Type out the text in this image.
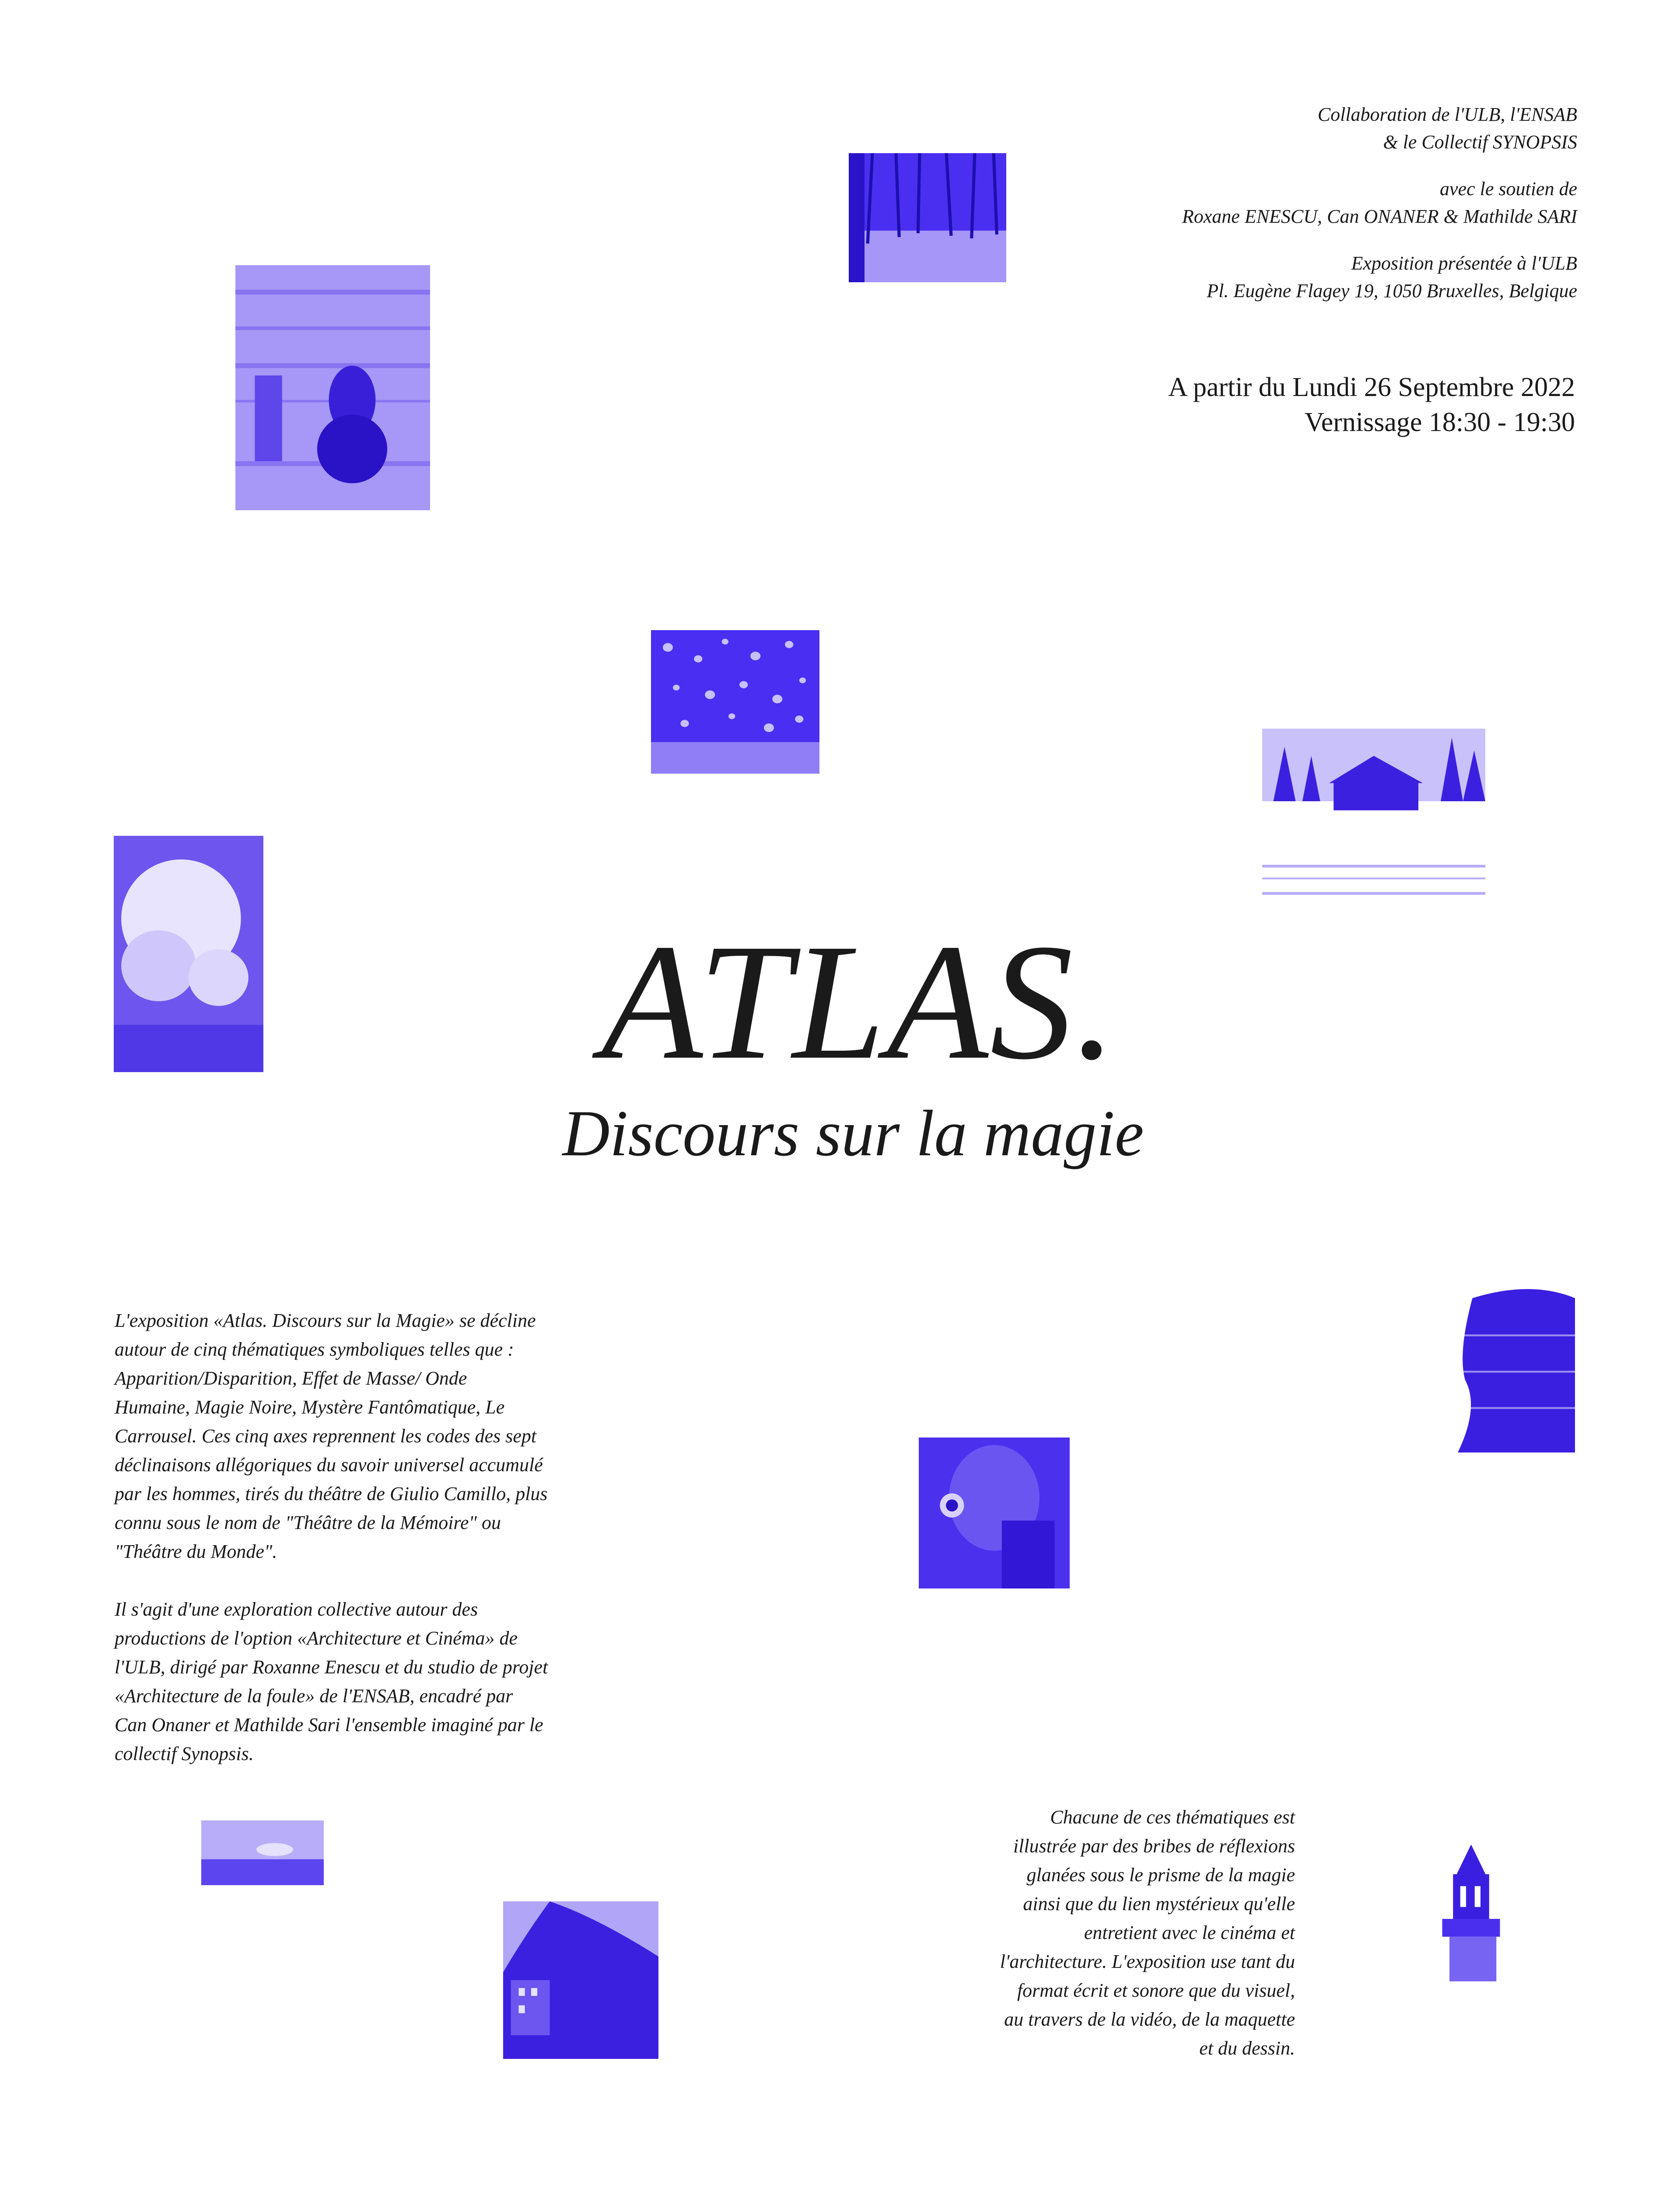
Collaboration de l'ULB, l'ENSAB
& le Collectif SYNOPSIS
avec le soutien de
Roxane ENESCU, Can ONANER & Mathilde SARI
Exposition présentée à l'ULB
Pl. Eugène Flagey 19, 1050 Bruxelles, Belgique
A partir du Lundi 26 Septembre 2022
Vernissage 18:30 - 19:30
ATLAS.
Discours sur la magie
L'exposition «Atlas. Discours sur la Magie» se décline
autour de cinq thématiques symboliques telles que :
Apparition/Disparition, Effet de Masse/ Onde
Humaine, Magie Noire, Mystère Fantômatique, Le
Carrousel. Ces cinq axes reprennent les codes des sept
déclinaisons allégoriques du savoir universel accumulé
par les hommes, tirés du théâtre de Giulio Camillo, plus
connu sous le nom de "Théâtre de la Mémoire" ou
"Théâtre du Monde".
Il s'agit d'une exploration collective autour des
productions de l'option «Architecture et Cinéma» de
l'ULB, dirigé par Roxanne Enescu et du studio de projet
«Architecture de la foule» de l'ENSAB, encadré par
Can Onaner et Mathilde Sari l'ensemble imaginé par le
collectif Synopsis.
Chacune de ces thématiques est
illustrée par des bribes de réflexions
glanées sous le prisme de la magie
ainsi que du lien mystérieux qu'elle
entretient avec le cinéma et
l'architecture. L'exposition use tant du
format écrit et sonore que du visuel,
au travers de la vidéo, de la maquette
et du dessin.
